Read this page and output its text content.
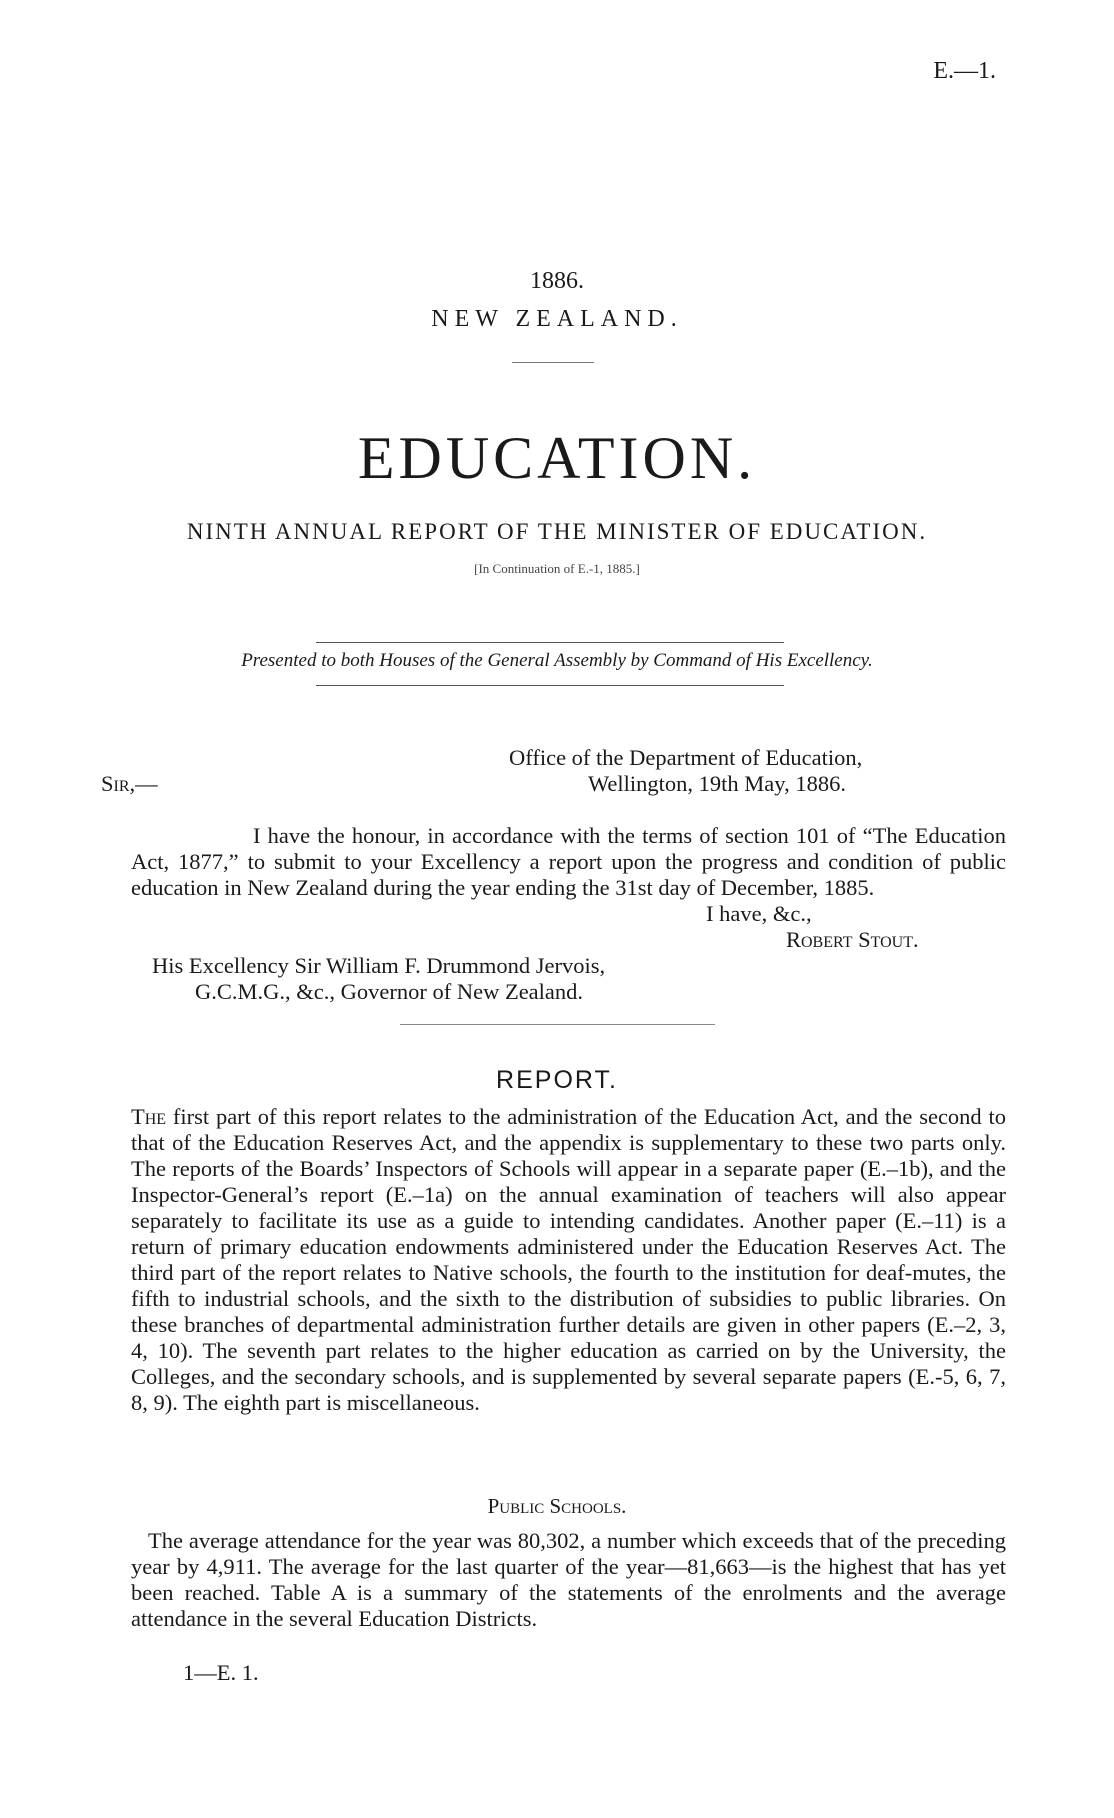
E.—1.
1886.
NEW ZEALAND.
EDUCATION.
NINTH ANNUAL REPORT OF THE MINISTER OF EDUCATION.
[In Continuation of E.-1, 1885.]
Presented to both Houses of the General Assembly by Command of His Excellency.
Office of the Department of Education,
Sir,—	Wellington, 19th May, 1886.

I have the honour, in accordance with the terms of section 101 of “The Education Act, 1877,” to submit to your Excellency a report upon the progress and condition of public education in New Zealand during the year ending the 31st day of December, 1885.

I have, &c.,
Robert Stout.
His Excellency Sir William F. Drummond Jervois,
G.C.M.G., &c., Governor of New Zealand.
REPORT.

The first part of this report relates to the administration of the Education Act, and the second to that of the Education Reserves Act, and the appendix is supplementary to these two parts only. The reports of the Boards’ Inspectors of Schools will appear in a separate paper (E.–1b), and the Inspector-General’s report (E.–1a) on the annual examination of teachers will also appear separately to facilitate its use as a guide to intending candidates. Another paper (E.–11) is a return of primary education endowments administered under the Education Reserves Act. The third part of the report relates to Native schools, the fourth to the institution for deaf-mutes, the fifth to industrial schools, and the sixth to the distribution of subsidies to public libraries. On these branches of departmental administration further details are given in other papers (E.–2, 3, 4, 10). The seventh part relates to the higher education as carried on by the University, the Colleges, and the secondary schools, and is supplemented by several separate papers (E.-5, 6, 7, 8, 9). The eighth part is miscellaneous.

Public Schools.

The average attendance for the year was 80,302, a number which exceeds that of the preceding year by 4,911. The average for the last quarter of the year—81,663—is the highest that has yet been reached. Table A is a summary of the statements of the enrolments and the average attendance in the several Education Districts.

1—E. 1.
